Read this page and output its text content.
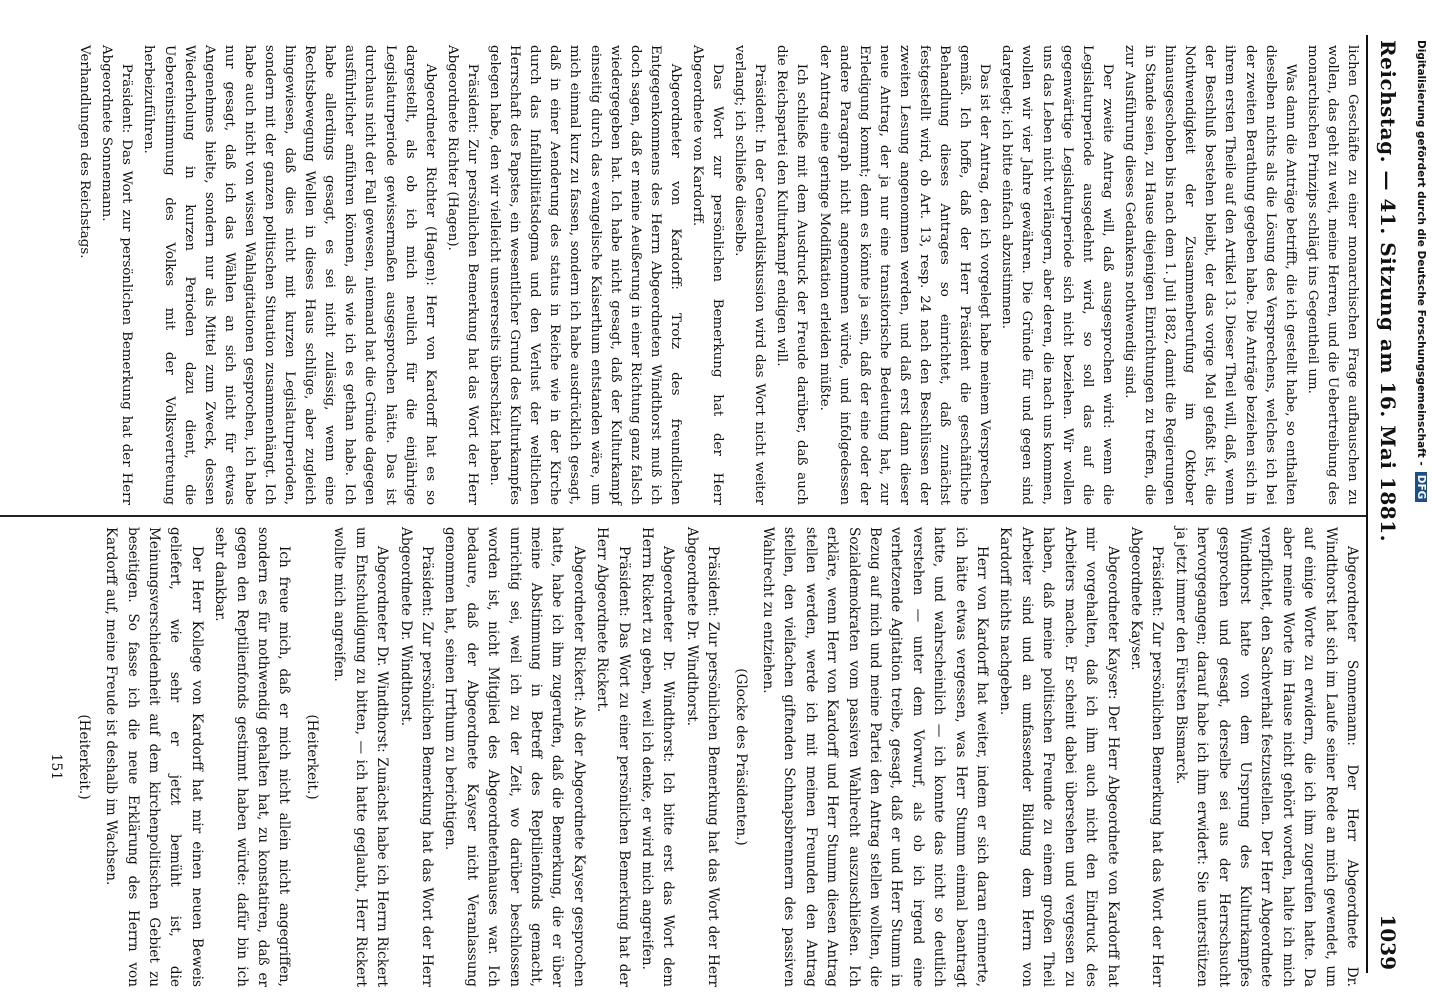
Reichstag. — 41. Sitzung am 16. Mai 1881.
1039

lichen Geschäfte zu einer monarchischen Frage aufbauschen zu wollen, das geht zu weit, meine Herren, und die Uebertreibung des monarchischen Prinzips schlägt ins Gegentheil um.

Was dann die Anträge betrifft, die ich gestellt habe, so enthalten dieselben nichts als die Lösung des Versprechens, welches ich bei der zweiten Berathung gegeben habe. Die Anträge beziehen sich in ihrem ersten Theile auf den Artikel 13. Dieser Theil will, daß, wenn der Beschluß bestehen bleibt, der das vorige Mal gefaßt ist, die Nothwendigkeit der Zusammenberufung im Oktober hinausgeschoben bis nach dem 1. Juli 1882, damit die Regierungen in Stande seien, zu Hause diejenigen Einrichtungen zu treffen, die zur Ausführung dieses Gedankens nothwendig sind.

Der zweite Antrag will, daß ausgesprochen wird: wenn die Legislaturperiode ausgedehnt wird, so soll das auf die gegenwärtige Legislaturperiode sich nicht beziehen. Wir wollen uns das Leben nicht verlängern, aber deren, die nach uns kommen, wollen wir vier Jahre gewähren. Die Gründe für und gegen sind dargelegt; ich bitte einfach abzustimmen.

Das ist der Antrag, den ich vorgelegt habe meinem Versprechen gemäß. Ich hoffe, daß der Herr Präsident die geschäftliche Behandlung dieses Antrages so einrichtet, daß zunächst festgestellt wird, ob Art. 13, resp. 24 nach den Beschlüssen der zweiten Lesung angenommen werden, und daß erst dann dieser neue Antrag, der ja nur eine transitorische Bedeutung hat, zur Erledigung kommt; denn es könnte ja sein, daß der eine oder der andere Paragraph nicht angenommen würde, und infolgedessen der Antrag eine geringe Modifikation erleiden müßte.

Ich schließe mit dem Ausdruck der Freude darüber, daß auch die Reichspartei den Kulturkampf endigen will.

Präsident: In der Generaldiskussion wird das Wort nicht weiter verlangt; ich schließe dieselbe.

Das Wort zur persönlichen Bemerkung hat der Herr Abgeordnete von Kardorff.

Abgeordneter von Kardorff: Trotz des freundlichen Entgegenkommens des Herrn Abgeordneten Windthorst muß ich doch sagen, daß er meine Aeußerung in einer Richtung ganz falsch wiedergegeben hat. Ich habe nicht gesagt, daß der Kulturkampf einseitig durch das evangelische Kaiserthum entstanden wäre, um mich einmal kurz zu fassen, sondern ich habe ausdrücklich gesagt, daß in einer Aenderung des status in Reiche wie in der Kirche durch das Infallibilitätsdogma und den Verlust der weltlichen Herrschaft des Papstes, ein wesentlicher Grund des Kulturkampfes gelegen habe, den wir vielleicht unsererseits überschätzt haben.

Präsident: Zur persönlichen Bemerkung hat das Wort der Herr Abgeordnete Richter (Hagen).

Abgeordneter Richter (Hagen): Herr von Kardorff hat es so dargestellt, als ob ich mich neulich für die einjährige Legislaturperiode gewissermaßen ausgesprochen hätte. Das ist durchaus nicht der Fall gewesen, niemand hat die Gründe dagegen ausführlicher anführen können, als wie ich es gethan habe. Ich habe allerdings gesagt, es sei nicht zulässig, wenn eine Rechtsbewegung Wellen in dieses Haus schlüge, aber zugleich hingewiesen, daß dies nicht mit kurzen Legislaturperioden, sondern mit der ganzen politischen Situation zusammenhängt. Ich habe auch nicht von wissen Wahlagitationen gesprochen, ich habe nur gesagt, daß ich das Wählen an sich nicht für etwas Angenehmes hielte, sondern nur als Mittel zum Zweck, dessen Wiederholung in kurzen Perioden dazu dient, die Uebereinstimmung des Volkes mit der Volksvertretung herbeizuführen.

Präsident: Das Wort zur persönlichen Bemerkung hat der Herr Abgeordnete Sonnemann.

Verhandlungen des Reichstags.

Abgeordneter Sonnemann: Der Herr Abgeordnete Dr. Windthorst hat sich im Laufe seiner Rede an mich gewendet, um auf einige Worte zu erwidern, die ich ihm zugerufen hatte. Da aber meine Worte im Hause nicht gehört worden, halte ich mich verpflichtet, den Sachverhalt festzustellen. Der Herr Abgeordnete Windthorst hatte von dem Ursprung des Kulturkampfes gesprochen und gesagt, derselbe sei aus der Herrschsucht hervorgegangen; darauf habe ich ihm erwidert: Sie unterstützen ja jetzt immer den Fürsten Bismarck.

Präsident: Zur persönlichen Bemerkung hat das Wort der Herr Abgeordnete Kayser.

Abgeordneter Kayser: Der Herr Abgeordnete von Kardorff hat mir vorgehalten, daß ich ihm auch nicht den Eindruck des Arbeiters mache. Er scheint dabei übersehen und vergessen zu haben, daß meine politischen Freunde zu einem großen Theil Arbeiter sind und an umfassender Bildung dem Herrn von Kardorff nichts nachgeben.

Herr von Kardorff hat weiter, indem er sich daran erinnerte, ich hätte etwas vergessen, was Herr Stumm einmal beantragt hatte, und wahrscheinlich — ich konnte das nicht so deutlich verstehen — unter dem Vorwurf, als ob ich irgend eine verhetzende Agitation treibe, gesagt, daß er und Herr Stumm in Bezug auf mich und meine Partei den Antrag stellen wollten, die Sozialdemokraten vom passiven Wahlrecht auszuschließen. Ich erkläre, wenn Herr von Kardorff und Herr Stumm diesen Antrag stellen werden, werde ich mit meinen Freunden den Antrag stellen, den vielfachen giftenden Schnapsbrennern des passiven Wahlrecht zu entziehen.

(Glocke des Präsidenten.)

Präsident: Zur persönlichen Bemerkung hat das Wort der Herr Abgeordnete Dr. Windthorst.

Abgeordneter Dr. Windthorst: Ich bitte erst das Wort dem Herrn Rickert zu geben, weil ich denke, er wird mich angreifen.

Präsident: Das Wort zu einer persönlichen Bemerkung hat der Herr Abgeordnete Rickert.

Abgeordneter Rickert: Als der Abgeordnete Kayser gesprochen hatte, habe ich ihm zugerufen, daß die Bemerkung, die er über meine Abstimmung in Betreff des Reptilienfonds gemacht, unrichtig sei, weil ich zu der Zeit, wo darüber beschlossen worden ist, nicht Mitglied des Abgeordnetenhauses war. Ich bedaure, daß der Abgeordnete Kayser nicht Veranlassung genommen hat, seinen Irrthum zu berichtigen.

Präsident: Zur persönlichen Bemerkung hat das Wort der Herr Abgeordnete Dr. Windthorst.

Abgeordneter Dr. Windthorst: Zunächst habe ich Herrn Rickert um Entschuldigung zu bitten, — ich hatte geglaubt, Herr Rickert wollte mich angreifen.

(Heiterkeit.)

Ich freue mich, daß er mich nicht allein nicht angegriffen, sondern es für nothwendig gehalten hat, zu konstatiren, daß er gegen den Reptilienfonds gestimmt haben würde: dafür bin ich sehr dankbar.

Der Herr Kollege von Kardorff hat mir einen neuen Beweis geliefert, wie sehr er jetzt bemüht ist, die Meinungsverschiedenheit auf dem kirchenpolitischen Gebiet zu beseitigen. So fasse ich die neue Erklärung des Herrn von Kardorff auf, meine Freude ist deshalb im Wachsen.

(Heiterkeit.)

151

Digitalisierung gefördert durch die Deutsche Forschungsgemeinschaft -DFG
